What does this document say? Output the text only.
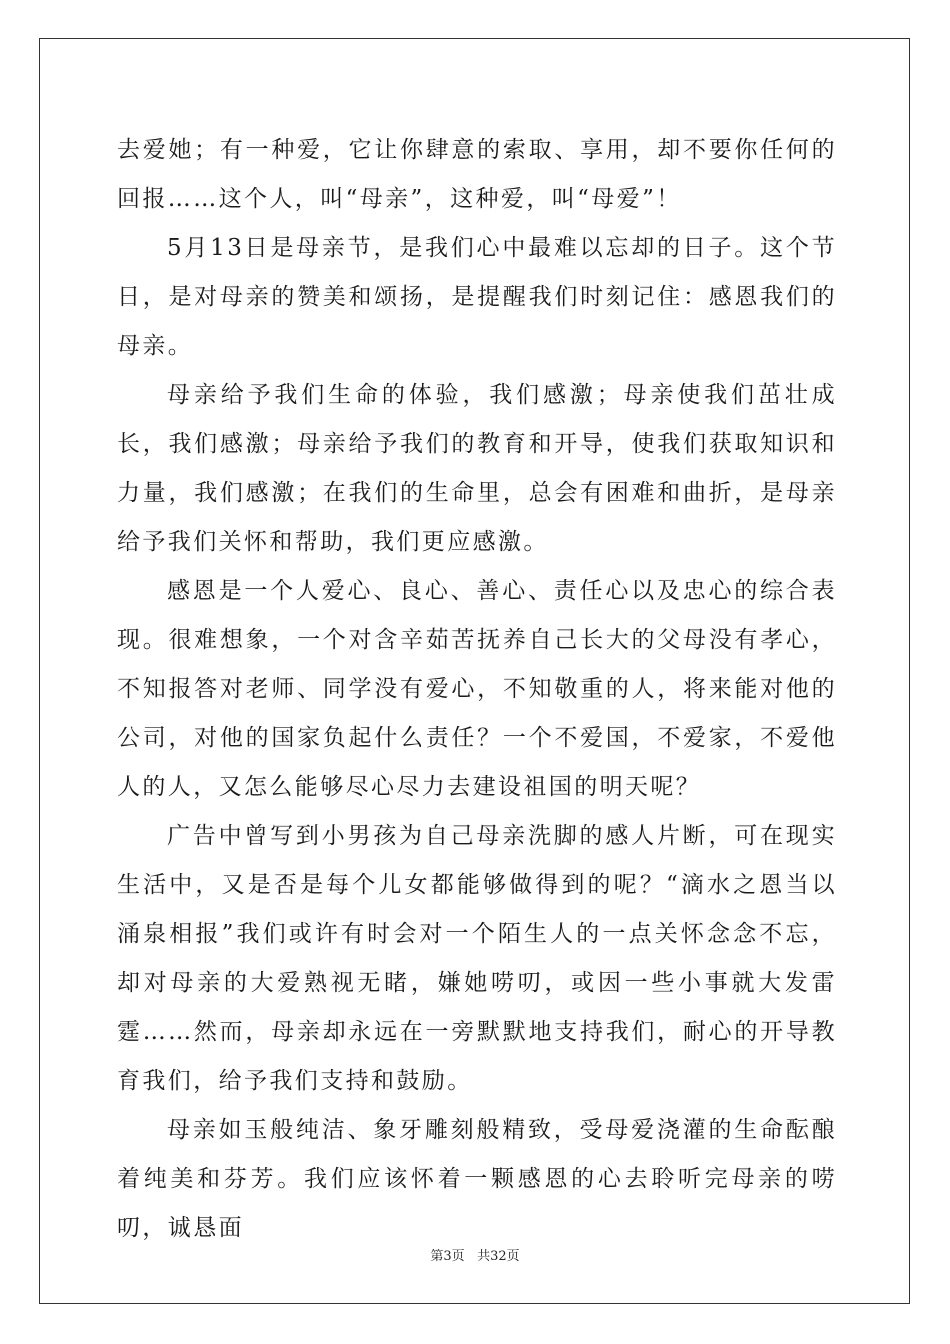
去爱她；有一种爱，它让你肆意的索取、享用，却不要你任何的回报……这个人，叫“母亲”，这种爱，叫“母爱”！

5月13日是母亲节，是我们心中最难以忘却的日子。这个节日，是对母亲的赞美和颂扬，是提醒我们时刻记住：感恩我们的母亲。

母亲给予我们生命的体验，我们感激；母亲使我们茁壮成长，我们感激；母亲给予我们的教育和开导，使我们获取知识和力量，我们感激；在我们的生命里，总会有困难和曲折，是母亲给予我们关怀和帮助，我们更应感激。

感恩是一个人爱心、良心、善心、责任心以及忠心的综合表现。很难想象，一个对含辛茹苦抚养自己长大的父母没有孝心，不知报答对老师、同学没有爱心，不知敬重的人，将来能对他的公司，对他的国家负起什么责任？一个不爱国，不爱家，不爱他人的人，又怎么能够尽心尽力去建设祖国的明天呢？

广告中曾写到小男孩为自己母亲洗脚的感人片断，可在现实生活中，又是否是每个儿女都能够做得到的呢？“滴水之恩当以涌泉相报”我们或许有时会对一个陌生人的一点关怀念念不忘，却对母亲的大爱熟视无睹，嫌她唠叨，或因一些小事就大发雷霆……然而，母亲却永远在一旁默默地支持我们，耐心的开导教育我们，给予我们支持和鼓励。

母亲如玉般纯洁、象牙雕刻般精致，受母爱浇灌的生命酝酿着纯美和芬芳。我们应该怀着一颗感恩的心去聆听完母亲的唠叨，诚恳面

第3页 共32页
